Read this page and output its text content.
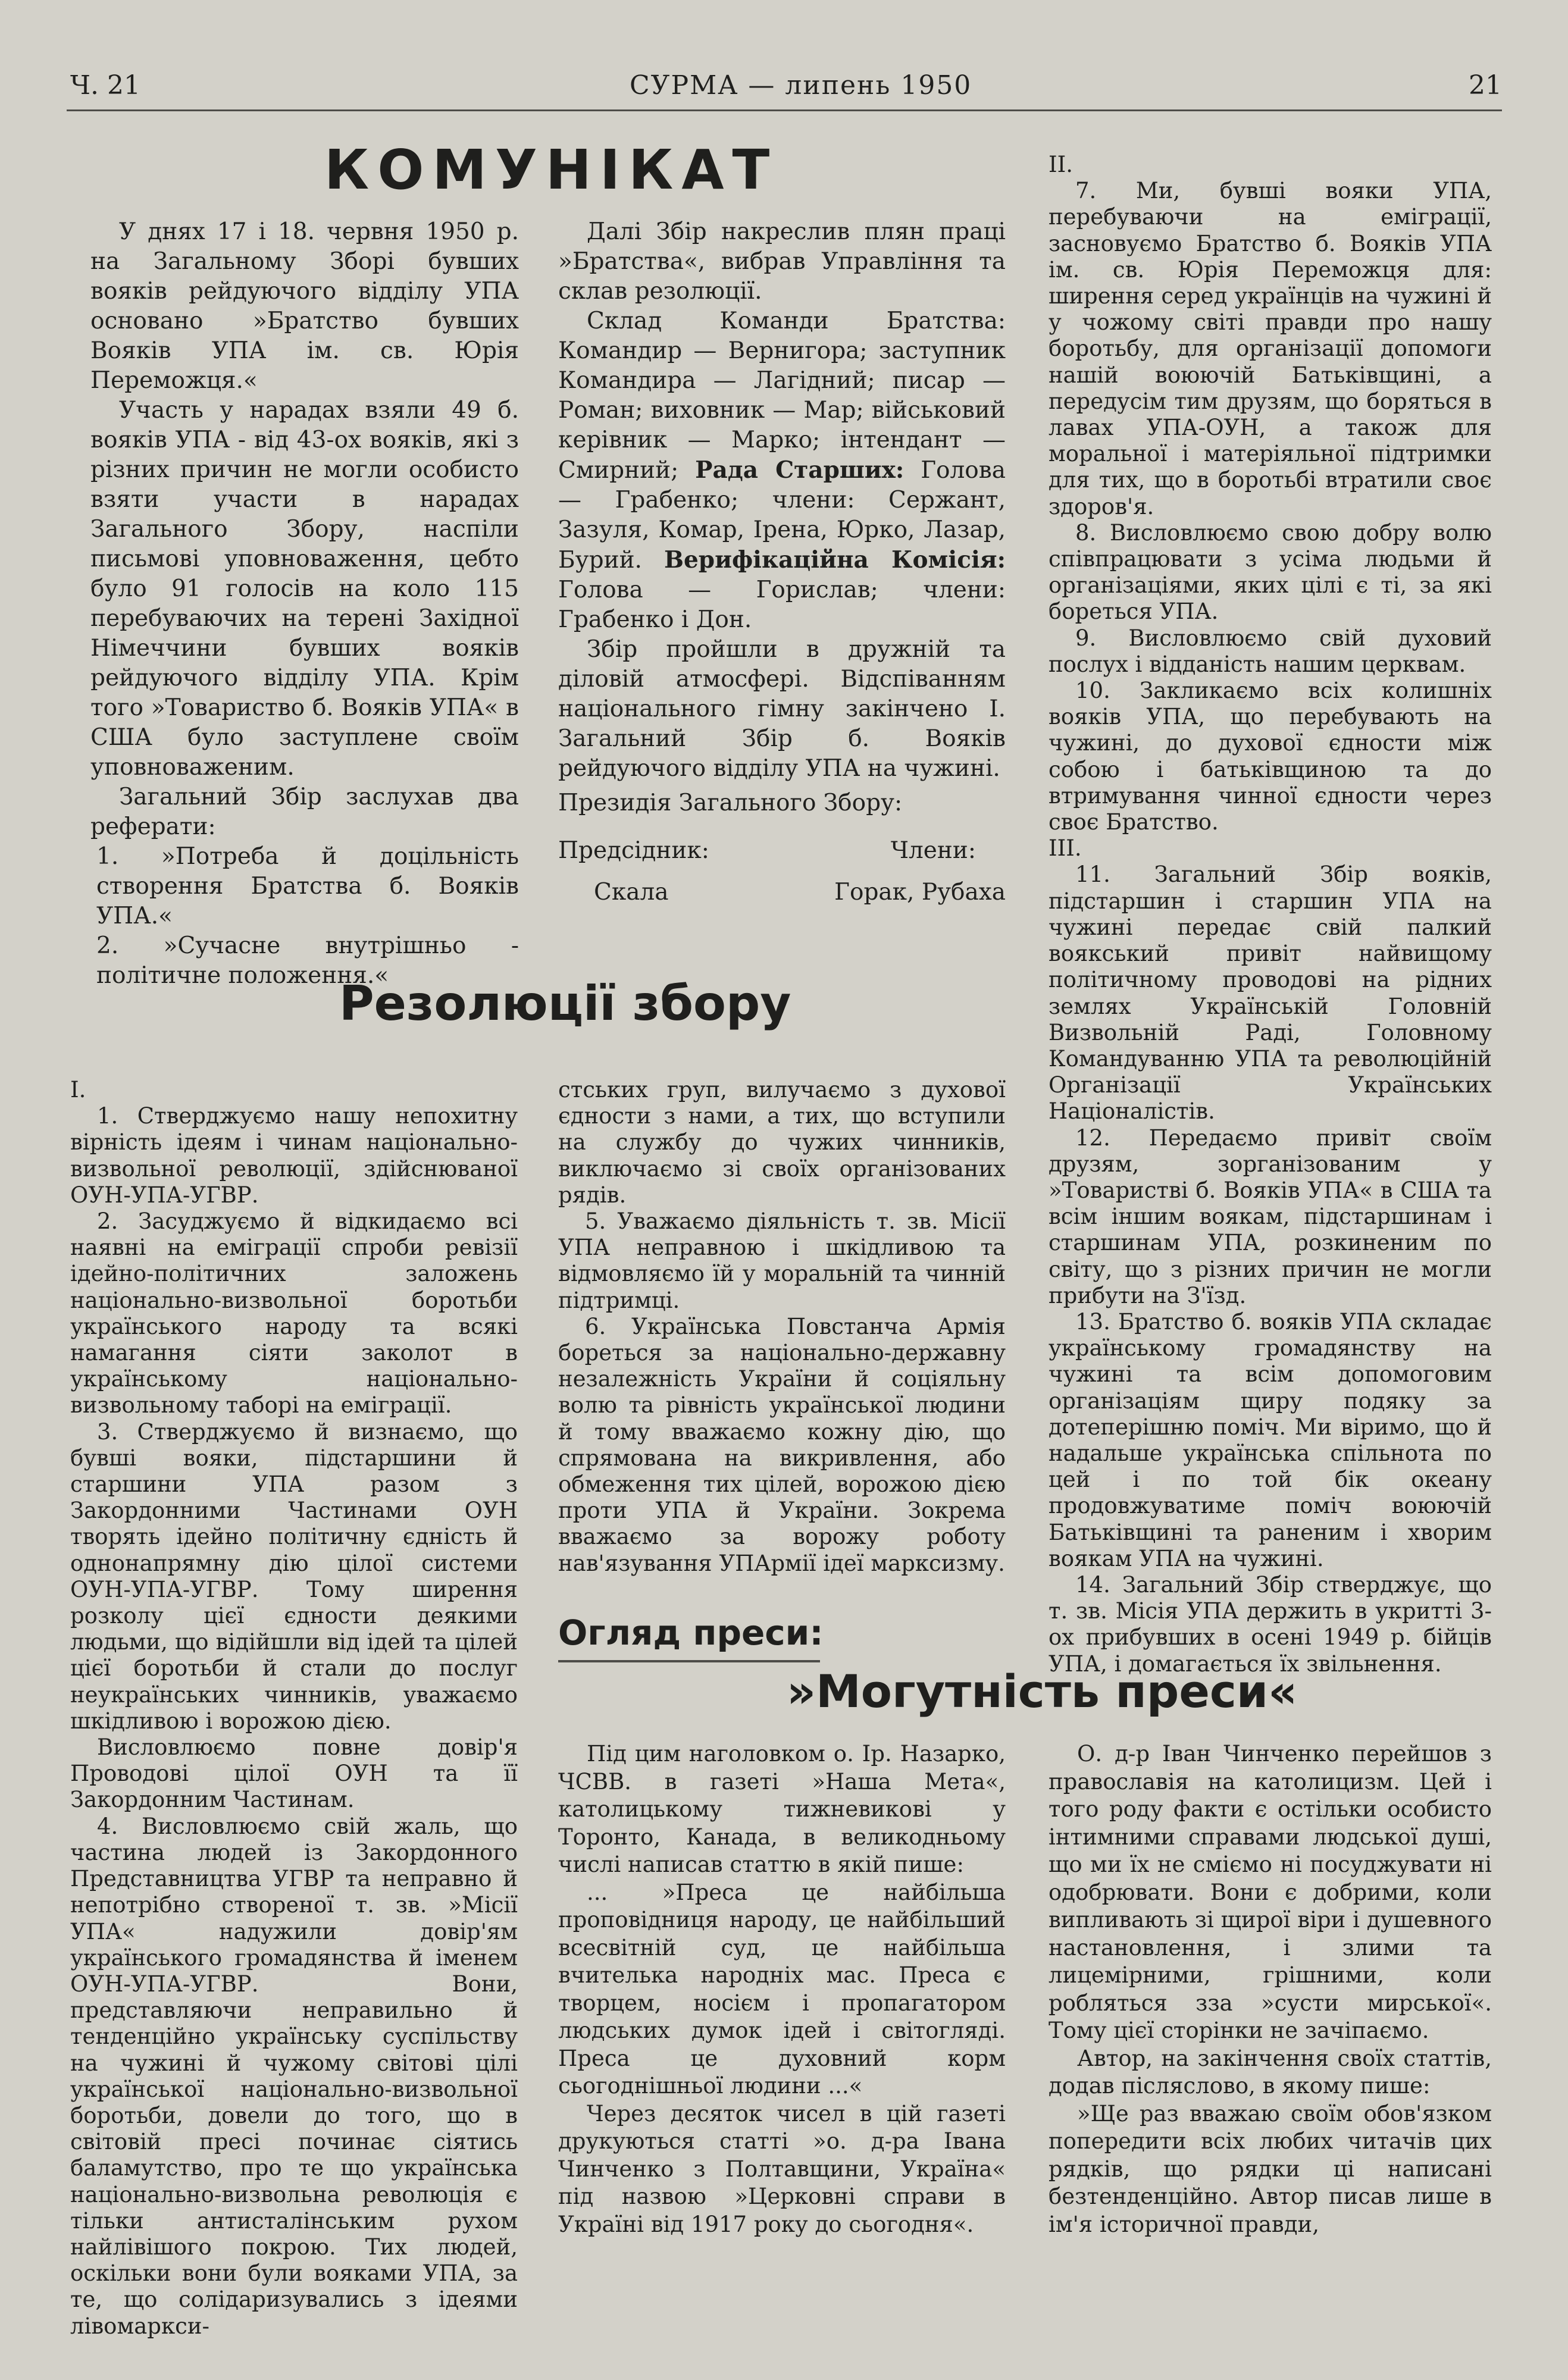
Ч. 21	СУРМА — липень 1950	21
КОМУНІКАТ

У днях 17 і 18. червня 1950 р. на Загальному Зборі бувших вояків рейдуючого відділу УПА основано »Братство бувших Вояків УПА ім. св. Юрія Переможця.«

Участь у нарадах взяли 49 б. вояків УПА - від 43-ох вояків, які з різних причин не могли особисто взяти участи в нарадах Загального Збору, наспіли письмові уповноваження, цебто було 91 голосів на коло 115 перебуваючих на терені Західної Німеччини бувших вояків рейдуючого відділу УПА. Крім того »Товариство б. Вояків УПА« в США було заступлене своїм уповноваженим.

Загальний Збір заслухав два реферати:

1. »Потреба й доцільність створення Братства б. Вояків УПА.«

2. »Сучасне внутрішньо - політичне положення.«

Далі Збір накреслив плян праці »Братства«, вибрав Управління та склав резолюції.

Склад Команди Братства: Командир — Вернигора; заступник Командира — Лагідний; писар — Роман; виховник — Мар; військовий керівник — Марко; інтендант — Смирний; Рада Старших: Голова — Грабенко; члени: Сержант, Зазуля, Комар, Ірена, Юрко, Лазар, Бурий. Верифікаційна Комісія: Голова — Горислав; члени: Грабенко і Дон.

Збір пройшли в дружній та діловій атмосфері. Відспіванням національного гімну закінчено І. Загальний Збір б. Вояків рейдуючого відділу УПА на чужині.

Президія Загального Збору:

Предсідник:	Члени:
Скала	Горак, Рубаха
Резолюції збору

І.

1. Стверджуємо нашу непохитну вірність ідеям і чинам національно-визвольної революції, здійснюваної ОУН-УПА-УГВР.

2. Засуджуємо й відкидаємо всі наявні на еміграції спроби ревізії ідейно-політичних заложень національно-визвольної боротьби українського народу та всякі намагання сіяти заколот в українському національно-визвольному таборі на еміграції.

3. Стверджуємо й визнаємо, що бувші вояки, підстаршини й старшини УПА разом з Закордонними Частинами ОУН творять ідейно політичну єдність й однонапрямну дію цілої системи ОУН-УПА-УГВР. Тому ширення розколу цієї єдности деякими людьми, що відійшли від ідей та цілей цієї боротьби й стали до послуг неукраїнських чинників, уважаємо шкідливою і ворожою дією.

Висловлюємо повне довір'я Проводові цілої ОУН та її Закордонним Частинам.

4. Висловлюємо свій жаль, що частина людей із Закордонного Представництва УГВР та неправно й непотрібно створеної т. зв. »Місії УПА« надужили довір'ям українського громадянства й іменем ОУН-УПА-УГВР. Вони, представляючи неправильно й тенденційно українську суспільству на чужині й чужому світові цілі української національно-визвольної боротьби, довели до того, що в світовій пресі починає сіятись баламутство, про те що українська національно-визвольна революція є тільки антисталінським рухом найлівішого покрою. Тих людей, оскільки вони були вояками УПА, за те, що солідаризувались з ідеями лівомаркси-

стських груп, вилучаємо з духової єдности з нами, а тих, що вступили на службу до чужих чинників, виключаємо зі своїх організованих рядів.

5. Уважаємо діяльність т. зв. Місії УПА неправною і шкідливою та відмовляємо їй у моральній та чинній підтримці.

6. Українська Повстанча Армія бореться за національно-державну незалежність України й соціяльну волю та рівність української людини й тому вважаємо кожну дію, що спрямована на викривлення, або обмеження тих цілей, ворожою дією проти УПА й України. Зокрема вважаємо за ворожу роботу нав'язування УПАрмії ідеї марксизму.

ІІ.

7. Ми, бувші вояки УПА, перебуваючи на еміграції, засновуємо Братство б. Вояків УПА ім. св. Юрія Переможця для: ширення серед українців на чужині й у чожому світі правди про нашу боротьбу, для організації допомоги нашій воюючій Батьківщині, а передусім тим друзям, що боряться в лавах УПА-ОУН, а також для моральної і матеріяльної підтримки для тих, що в боротьбі втратили своє здоров'я.

8. Висловлюємо свою добру волю співпрацювати з усіма людьми й організаціями, яких цілі є ті, за які бореться УПА.

9. Висловлюємо свій духовий послух і відданість нашим церквам.

10. Закликаємо всіх колишніх вояків УПА, що перебувають на чужині, до духової єдности між собою і батьківщиною та до втримування чинної єдности через своє Братство.

ІІІ.

11. Загальний Збір вояків, підстаршин і старшин УПА на чужині передає свій палкий воякський привіт найвищому політичному проводові на рідних землях Українській Головній Визвольній Раді, Головному Командуванню УПА та революційній Організації Українських Націоналістів.

12. Передаємо привіт своїм друзям, зорганізованим у »Товаристві б. Вояків УПА« в США та всім іншим воякам, підстаршинам і старшинам УПА, розкиненим по світу, що з різних причин не могли прибути на З'їзд.

13. Братство б. вояків УПА складає українському громадянству на чужині та всім допомоговим організаціям щиру подяку за дотеперішню поміч. Ми віримо, що й надальше українська спільнота по цей і по той бік океану продовжуватиме поміч воюючій Батьківщині та раненим і хворим воякам УПА на чужині.

14. Загальний Збір стверджує, що т. зв. Місія УПА держить в укритті 3-ох прибувших в осені 1949 р. бійців УПА, і домагається їх звільнення.

Огляд преси:
»Могутність преси«

Під цим наголовком о. Ір. Назарко, ЧСВВ. в газеті »Наша Мета«, католицькому тижневикові у Торонто, Канада, в великодньому числі написав статтю в якій пише:

... »Преса це найбільша проповідниця народу, це найбільший всесвітній суд, це найбільша вчителька народніх мас. Преса є творцем, носієм і пропагатором людських думок ідей і світогляді. Преса це духовний корм сьогоднішньої людини ...«

Через десяток чисел в цій газеті друкуються статті »о. д-ра Івана Чинченко з Полтавщини, Україна« під назвою »Церковні справи в Україні від 1917 року до сьогодня«.

О. д-р Іван Чинченко перейшов з православія на католицизм. Цей і того роду факти є остільки особисто інтимними справами людської душі, що ми їх не сміємо ні посуджувати ні одобрювати. Вони є добрими, коли випливають зі щирої віри і душевного настановлення, і злими та лицемірними, грішними, коли робляться зза »сусти мирської«. Тому цієї сторінки не зачіпаємо.

Автор, на закінчення своїх статтів, додав післяслово, в якому пише:

»Ще раз вважаю своїм обов'язком попередити всіх любих читачів цих рядків, що рядки ці написані безтенденційно. Автор писав лише в ім'я історичної правди,
